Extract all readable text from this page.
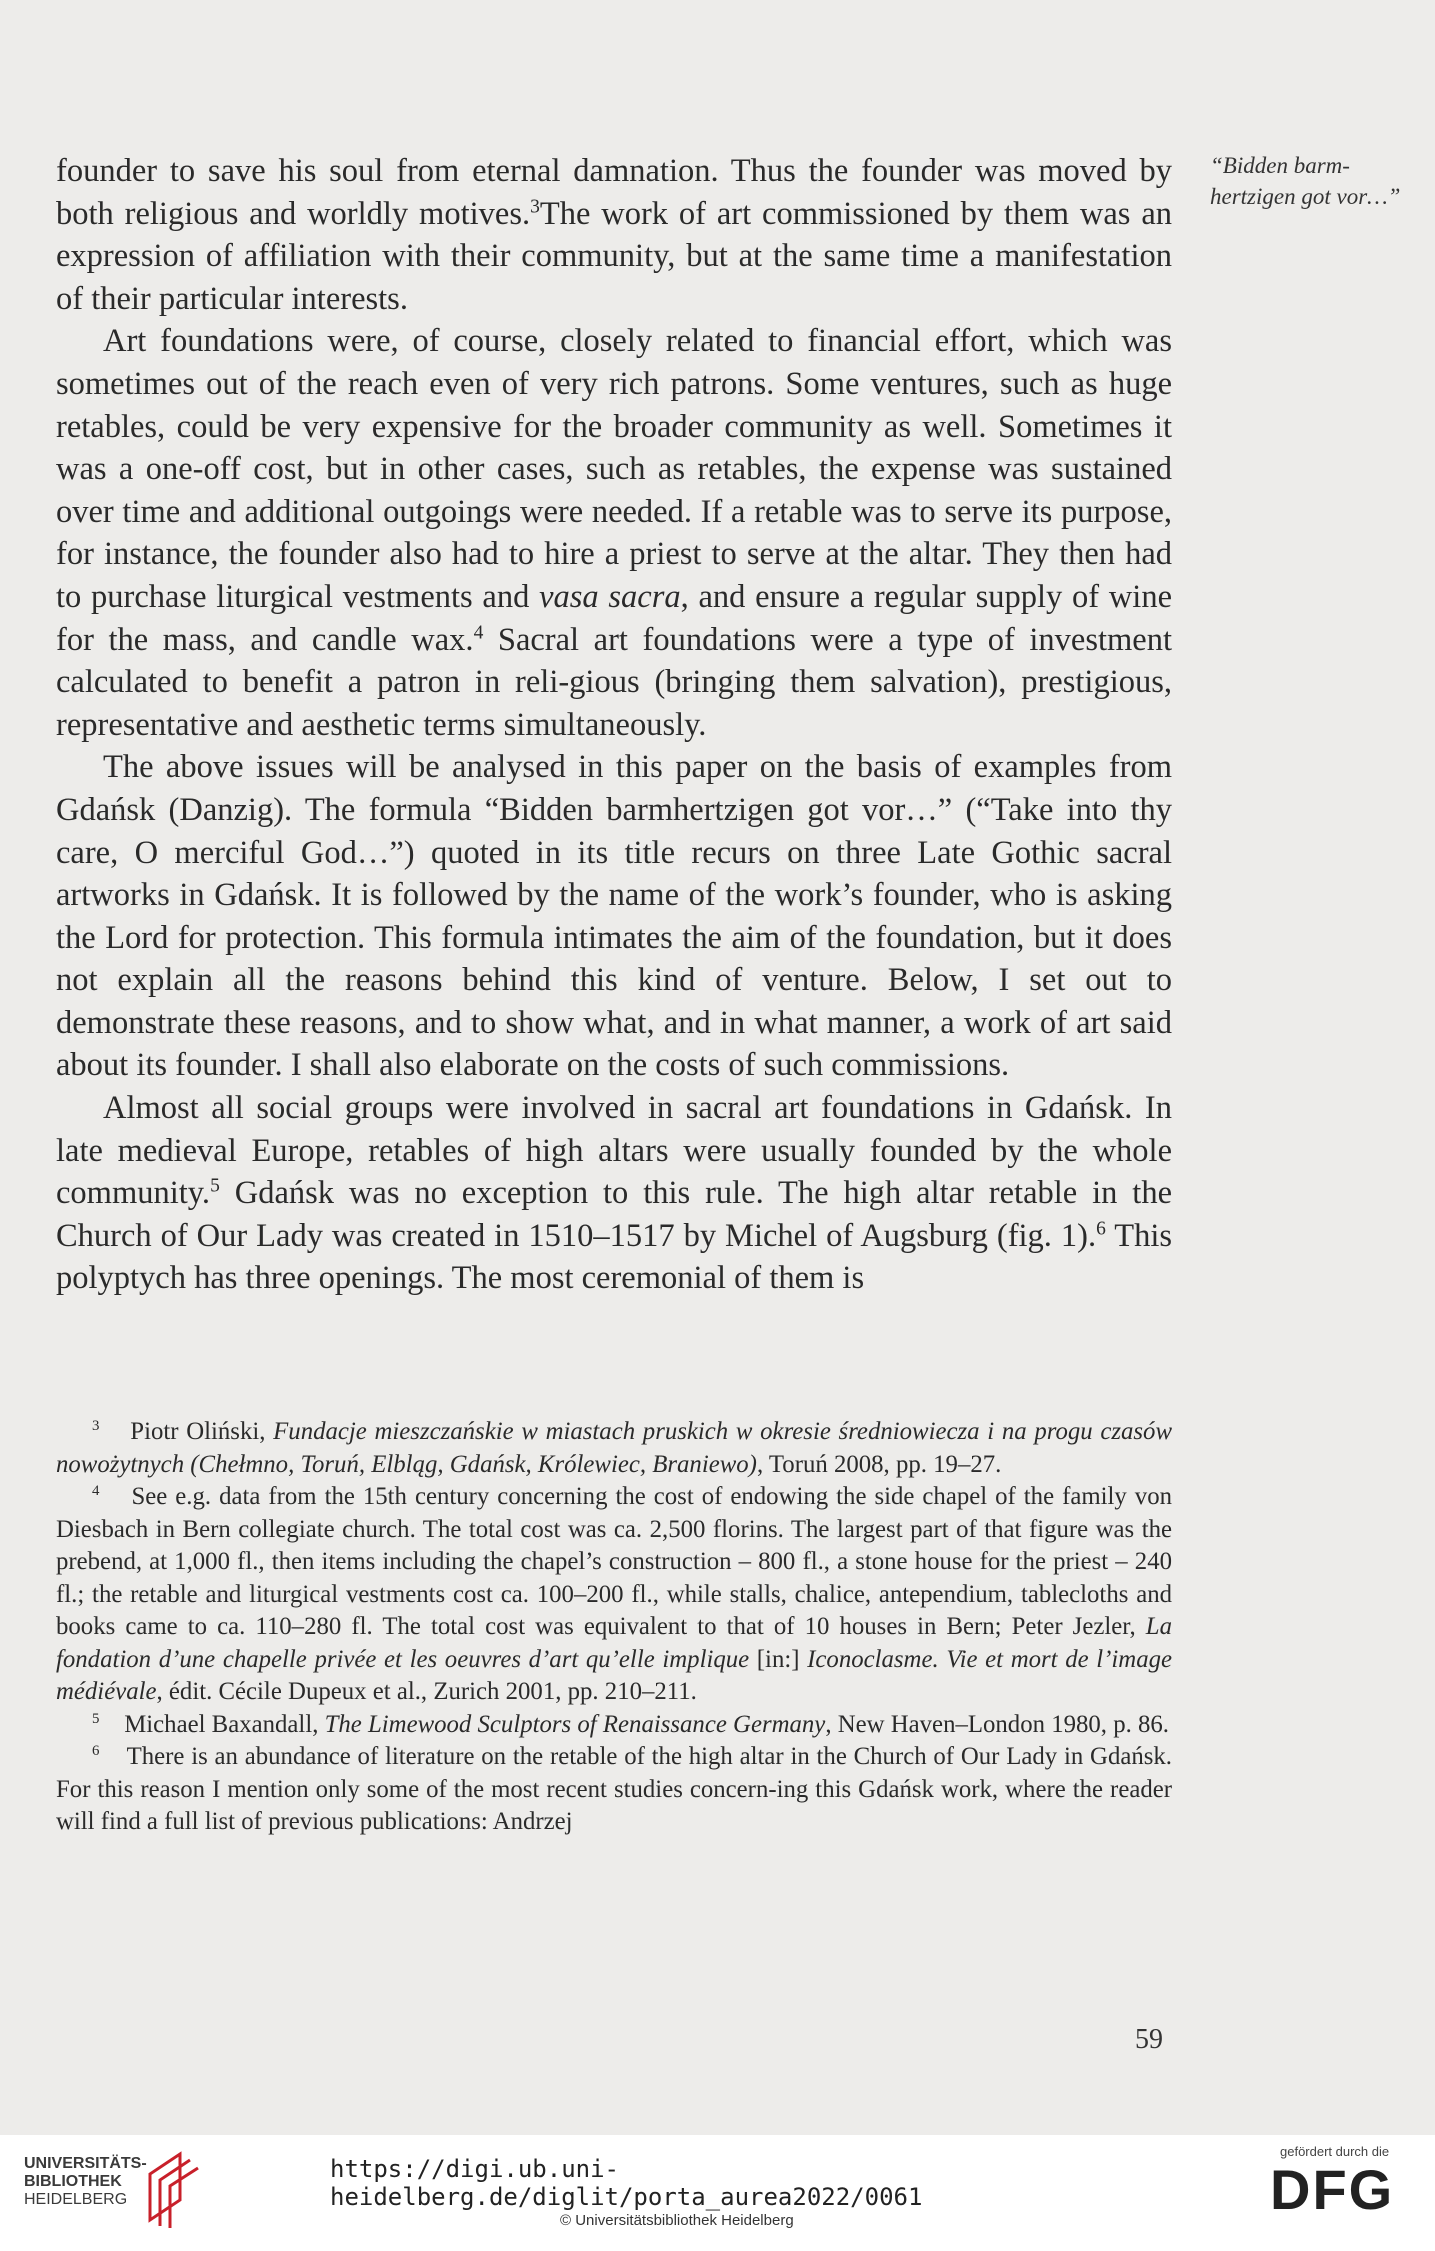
founder to save his soul from eternal damnation. Thus the founder was moved by both religious and worldly motives.$^3$The work of art commissioned by them was an expression of affiliation with their community, but at the same time a manifestation of their particular interests.

Art foundations were, of course, closely related to financial effort, which was sometimes out of the reach even of very rich patrons. Some ventures, such as huge retables, could be very expensive for the broader community as well. Sometimes it was a one-off cost, but in other cases, such as retables, the expense was sustained over time and additional outgoings were needed. If a retable was to serve its purpose, for instance, the founder also had to hire a priest to serve at the altar. They then had to purchase liturgical vestments and vasa sacra, and ensure a regular supply of wine for the mass, and candle wax.$^4$ Sacral art foundations were a type of investment calculated to benefit a patron in reli-gious (bringing them salvation), prestigious, representative and aesthetic terms simultaneously.

The above issues will be analysed in this paper on the basis of examples from Gdańsk (Danzig). The formula “Bidden barmhertzigen got vor…” (“Take into thy care, O merciful God…”) quoted in its title recurs on three Late Gothic sacral artworks in Gdańsk. It is followed by the name of the work’s founder, who is asking the Lord for protection. This formula intimates the aim of the foundation, but it does not explain all the reasons behind this kind of venture. Below, I set out to demonstrate these reasons, and to show what, and in what manner, a work of art said about its founder. I shall also elaborate on the costs of such commissions.

Almost all social groups were involved in sacral art foundations in Gdańsk. In late medieval Europe, retables of high altars were usually founded by the whole community.$^5$ Gdańsk was no exception to this rule. The high altar retable in the Church of Our Lady was created in 1510–1517 by Michel of Augsburg (fig. 1).$^6$ This polyptych has three openings. The most ceremonial of them is

“Bidden barm-hertzigen got vor…”

$^3$ Piotr Oliński, Fundacje mieszczańskie w miastach pruskich w okresie średniowiecza i na progu czasów nowożytnych (Chełmno, Toruń, Elbląg, Gdańsk, Królewiec, Braniewo), Toruń 2008, pp. 19–27.

$^4$ See e.g. data from the 15th century concerning the cost of endowing the side chapel of the family von Diesbach in Bern collegiate church. The total cost was ca. 2,500 florins. The largest part of that figure was the prebend, at 1,000 fl., then items including the chapel’s construction – 800 fl., a stone house for the priest – 240 fl.; the retable and liturgical vestments cost ca. 100–200 fl., while stalls, chalice, antependium, tablecloths and books came to ca. 110–280 fl. The total cost was equivalent to that of 10 houses in Bern; Peter Jezler, La fondation d’une chapelle privée et les oeuvres d’art qu’elle implique [in:] Iconoclasme. Vie et mort de l’image médiévale, édit. Cécile Dupeux et al., Zurich 2001, pp. 210–211.

$^5$ Michael Baxandall, The Limewood Sculptors of Renaissance Germany, New Haven–London 1980, p. 86.

$^6$ There is an abundance of literature on the retable of the high altar in the Church of Our Lady in Gdańsk. For this reason I mention only some of the most recent studies concern-ing this Gdańsk work, where the reader will find a full list of previous publications: Andrzej

59
UNIVERSITÄTS-
BIBLIOTHEK
HEIDELBERG
https://digi.ub.uni-heidelberg.de/diglit/porta_aurea2022/0061
© Universitätsbibliothek Heidelberg
gefördert durch die
DFG
